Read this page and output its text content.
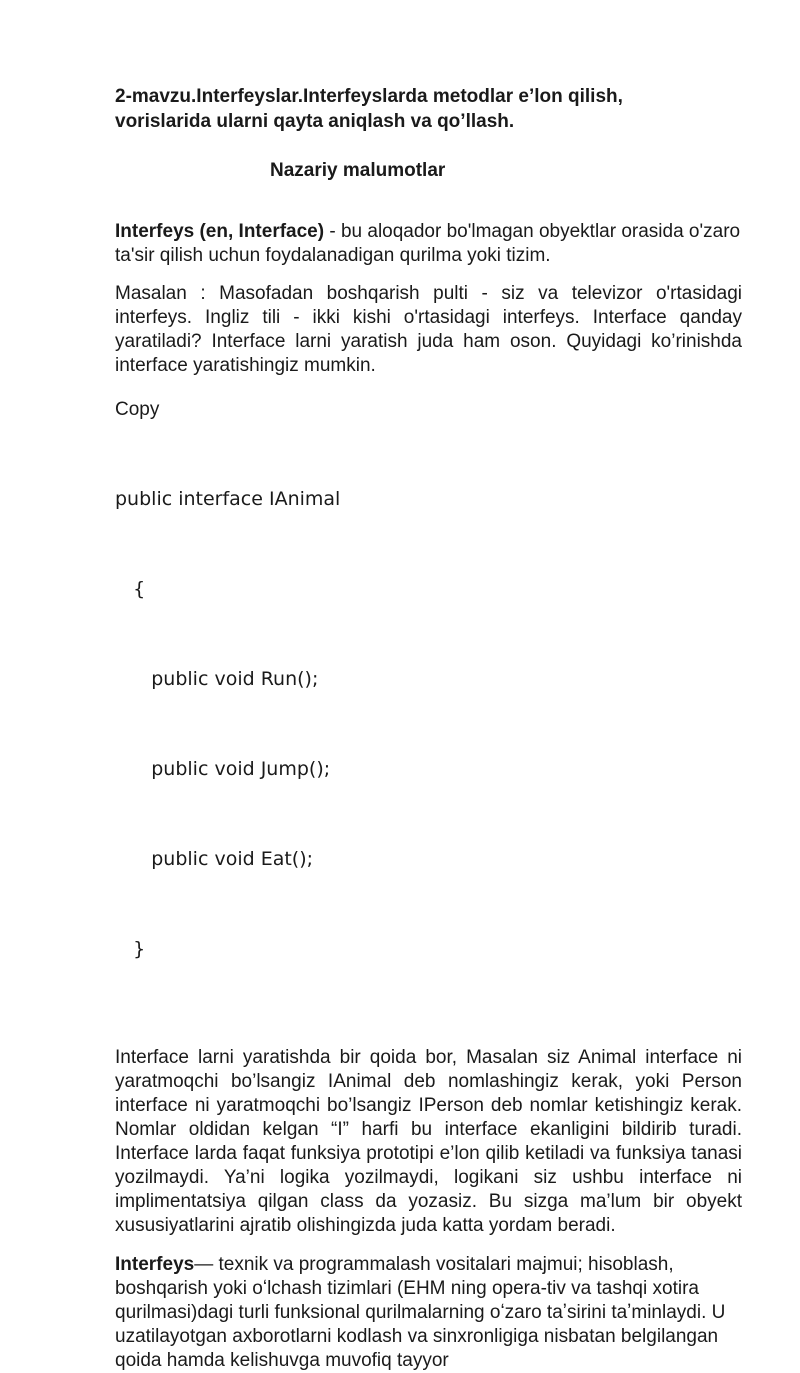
2-mavzu.Interfeyslar.Interfeyslarda metodlar e’lon qilish,
vorislarida ularni qayta aniqlash va qo’llash.

Nazariy malumotlar

Interfeys (en, Interface) - bu aloqador bo'lmagan obyektlar orasida o'zaro ta'sir qilish uchun foydalanadigan qurilma yoki tizim.

Masalan : Masofadan boshqarish pulti - siz va televizor o'rtasidagi interfeys. Ingliz tili - ikki kishi o'rtasidagi interfeys. Interface qanday yaratiladi? Interface larni yaratish juda ham oson. Quyidagi ko’rinishda interface yaratishingiz mumkin.

Copy

public interface IAnimal

{

public void Run();

public void Jump();

public void Eat();

}

Interface larni yaratishda bir qoida bor, Masalan siz Animal interface ni yaratmoqchi bo’lsangiz IAnimal deb nomlashingiz kerak, yoki Person interface ni yaratmoqchi bo’lsangiz IPerson deb nomlar ketishingiz kerak. Nomlar oldidan kelgan “I” harfi bu interface ekanligini bildirib turadi. Interface larda faqat funksiya prototipi e’lon qilib ketiladi va funksiya tanasi yozilmaydi. Ya’ni logika yozilmaydi, logikani siz ushbu interface ni implimentatsiya qilgan class da yozasiz. Bu sizga ma’lum bir obyekt xususiyatlarini ajratib olishingizda juda katta yordam beradi.

Interfeys— texnik va programmalash vositalari majmui; hisoblash, boshqarish yoki oʻlchash tizimlari (EHM ning opera-tiv va tashqi xotira qurilmasi)dagi turli funksional qurilmalarning oʻzaro taʼsirini taʼminlaydi. U uzatilayotgan axborotlarni kodlash va sinxronligiga nisbatan belgilangan qoida hamda kelishuvga muvofiq tayyor
